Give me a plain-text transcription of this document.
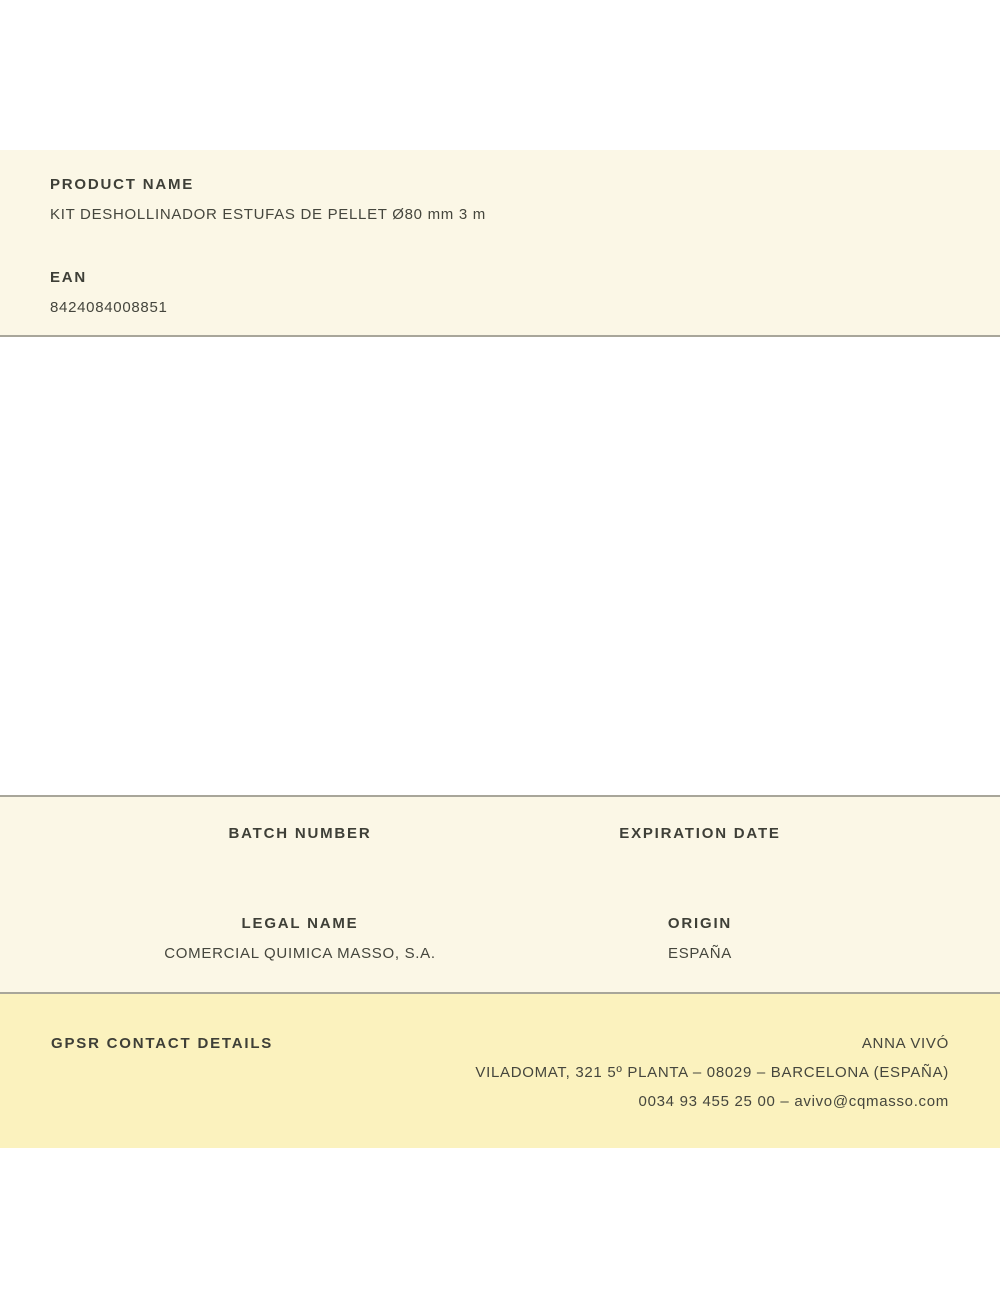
PRODUCT NAME
KIT DESHOLLINADOR ESTUFAS DE PELLET Ø80 mm 3 m
EAN
8424084008851
BATCH NUMBER	EXPIRATION DATE
LEGAL NAME
COMERCIAL QUIMICA MASSO, S.A.
ORIGIN
ESPAÑA
GPSR CONTACT DETAILS	ANNA VIVÓ
VILADOMAT, 321 5º PLANTA – 08029 – BARCELONA (ESPAÑA)
0034 93 455 25 00 – avivo@cqmasso.com
